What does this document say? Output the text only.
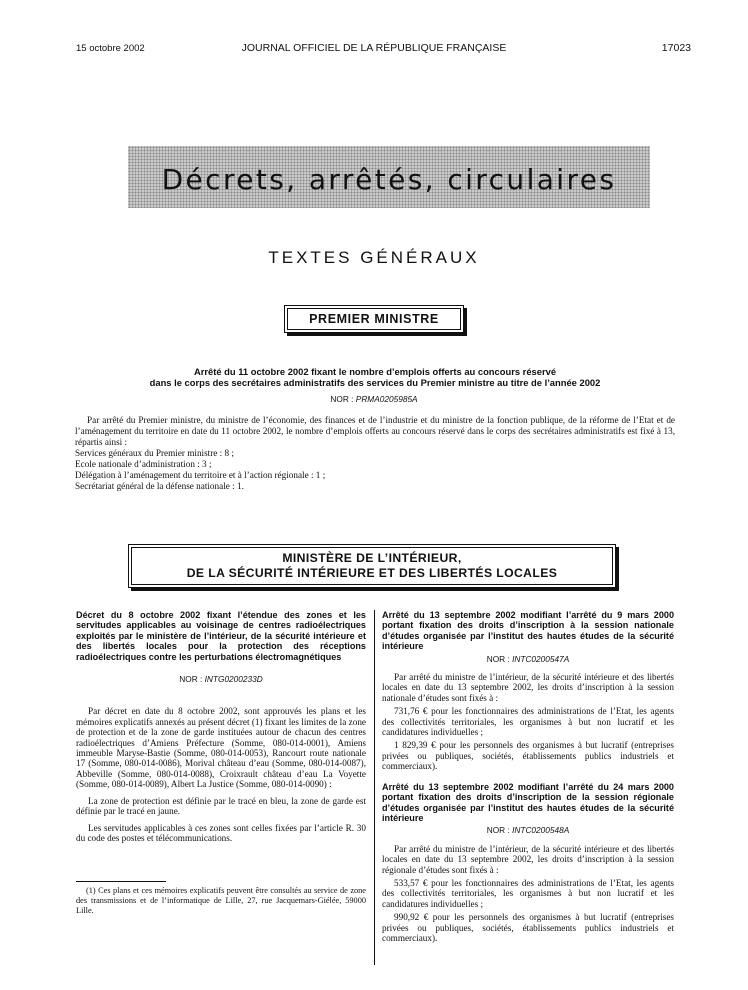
15 octobre 2002	JOURNAL OFFICIEL DE LA RÉPUBLIQUE FRANÇAISE	17023
Décrets, arrêtés, circulaires
TEXTES GÉNÉRAUX
PREMIER MINISTRE
Arrêté du 11 octobre 2002 fixant le nombre d’emplois offerts au concours réservé
dans le corps des secrétaires administratifs des services du Premier ministre au titre de l’année 2002
NOR : PRMA0205985A

Par arrêté du Premier ministre, du ministre de l’économie, des finances et de l’industrie et du ministre de la fonction publique, de la réforme de l’Etat et de l’aménagement du territoire en date du 11 octobre 2002, le nombre d’emplois offerts au concours réservé dans le corps des secrétaires administratifs est fixé à 13, répartis ainsi :

Services généraux du Premier ministre : 8 ;

Ecole nationale d’administration : 3 ;

Délégation à l’aménagement du territoire et à l’action régionale : 1 ;

Secrétariat général de la défense nationale : 1.

MINISTÈRE DE L’INTÉRIEUR,
DE LA SÉCURITÉ INTÉRIEURE ET DES LIBERTÉS LOCALES
Décret du 8 octobre 2002 fixant l’étendue des zones et les servitudes applicables au voisinage de centres radioélectriques exploités par le ministère de l’intérieur, de la sécurité intérieure et des libertés locales pour la protection des réceptions radioélectriques contre les perturbations électromagnétiques
NOR : INTG0200233D

Par décret en date du 8 octobre 2002, sont approuvés les plans et les mémoires explicatifs annexés au présent décret (1) fixant les limites de la zone de protection et de la zone de garde instituées autour de chacun des centres radioélectriques d’Amiens Préfecture (Somme, 080-014-0001), Amiens immeuble Maryse-Bastie (Somme, 080-014-0053), Rancourt route nationale 17 (Somme, 080-014-0086), Morival château d’eau (Somme, 080-014-0087), Abbeville (Somme, 080-014-0088), Croixrault château d’eau La Voyette (Somme, 080-014-0089), Albert La Justice (Somme, 080-014-0090) :

La zone de protection est définie par le tracé en bleu, la zone de garde est définie par le tracé en jaune.

Les servitudes applicables à ces zones sont celles fixées par l’article R. 30 du code des postes et télécommunications.

(1) Ces plans et ces mémoires explicatifs peuvent être consultés au service de zone des transmissions et de l’informatique de Lille, 27, rue Jacquemars-Giélée, 59000 Lille.

Arrêté du 13 septembre 2002 modifiant l’arrêté du 9 mars 2000 portant fixation des droits d’inscription à la session nationale d’études organisée par l’institut des hautes études de la sécurité intérieure
NOR : INTC0200547A

Par arrêté du ministre de l’intérieur, de la sécurité intérieure et des libertés locales en date du 13 septembre 2002, les droits d’inscription à la session nationale d’études sont fixés à :

731,76 € pour les fonctionnaires des administrations de l’Etat, les agents des collectivités territoriales, les organismes à but non lucratif et les candidatures individuelles ;

1 829,39 € pour les personnels des organismes à but lucratif (entreprises privées ou publiques, sociétés, établissements publics industriels et commerciaux).

Arrêté du 13 septembre 2002 modifiant l’arrêté du 24 mars 2000 portant fixation des droits d’inscription de la session régionale d’études organisée par l’institut des hautes études de la sécurité intérieure
NOR : INTC0200548A

Par arrêté du ministre de l’intérieur, de la sécurité intérieure et des libertés locales en date du 13 septembre 2002, les droits d’inscription à la session régionale d’études sont fixés à :

533,57 € pour les fonctionnaires des administrations de l’Etat, les agents des collectivités territoriales, les organismes à but non lucratif et les candidatures individuelles ;

990,92 € pour les personnels des organismes à but lucratif (entreprises privées ou publiques, sociétés, établissements publics industriels et commerciaux).
